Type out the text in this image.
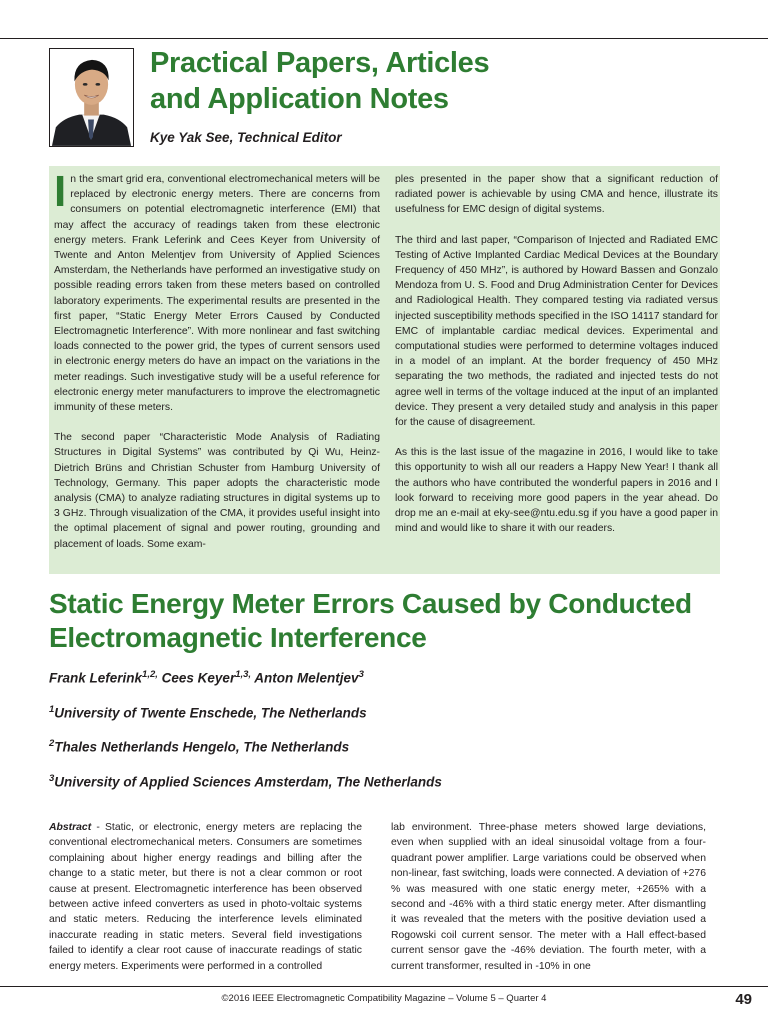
Practical Papers, Articles
and Application Notes
Kye Yak See, Technical Editor

In the smart grid era, conventional electromechanical meters will be replaced by electronic energy meters. There are concerns from consumers on potential electromagnetic interference (EMI) that may affect the accuracy of readings taken from these electronic energy meters. Frank Leferink and Cees Keyer from University of Twente and Anton Melentjev from University of Applied Sciences Amsterdam, the Netherlands have performed an investigative study on possible reading errors taken from these meters based on controlled laboratory experiments. The experimental results are presented in the first paper, “Static Energy Meter Errors Caused by Conducted Electromagnetic Interference”. With more nonlinear and fast switching loads connected to the power grid, the types of current sensors used in electronic energy meters do have an impact on the variations in the meter readings. Such investigative study will be a useful reference for electronic energy meter manufacturers to improve the electromagnetic immunity of these meters.

The second paper “Characteristic Mode Analysis of Radiating Structures in Digital Systems” was contributed by Qi Wu, Heinz-Dietrich Brüns and Christian Schuster from Hamburg University of Technology, Germany. This paper adopts the characteristic mode analysis (CMA) to analyze radiating structures in digital systems up to 3 GHz. Through visualization of the CMA, it provides useful insight into the optimal placement of signal and power routing, grounding and placement of loads. Some exam-

ples presented in the paper show that a significant reduction of radiated power is achievable by using CMA and hence, illustrate its usefulness for EMC design of digital systems.

The third and last paper, “Comparison of Injected and Radiated EMC Testing of Active Implanted Cardiac Medical Devices at the Boundary Frequency of 450 MHz”, is authored by Howard Bassen and Gonzalo Mendoza from U. S. Food and Drug Administration Center for Devices and Radiological Health. They compared testing via radiated versus injected susceptibility methods specified in the ISO 14117 standard for EMC of implantable cardiac medical devices. Experimental and computational studies were performed to determine voltages induced in a model of an implant. At the border frequency of 450 MHz separating the two methods, the radiated and injected tests do not agree well in terms of the voltage induced at the input of an implanted device. They present a very detailed study and analysis in this paper for the cause of disagreement.

As this is the last issue of the magazine in 2016, I would like to take this opportunity to wish all our readers a Happy New Year! I thank all the authors who have contributed the wonderful papers in 2016 and I look forward to receiving more good papers in the year ahead. Do drop me an e-mail at eky-see@ntu.edu.sg if you have a good paper in mind and would like to share it with our readers.

Static Energy Meter Errors Caused by Conducted
Electromagnetic Interference
Frank Leferink$^{1,2,}$ Cees Keyer$^{1,3,}$ Anton Melentjev$^3$
$^1$University of Twente Enschede, The Netherlands
$^2$Thales Netherlands Hengelo, The Netherlands
$^3$University of Applied Sciences Amsterdam, The Netherlands
Abstract - Static, or electronic, energy meters are replacing the conventional electromechanical meters. Consumers are sometimes complaining about higher energy readings and billing after the change to a static meter, but there is not a clear common or root cause at present. Electromagnetic interference has been observed between active infeed converters as used in photo-voltaic systems and static meters. Reducing the interference levels eliminated inaccurate reading in static meters. Several field investigations failed to identify a clear root cause of inaccurate readings of static energy meters. Experiments were performed in a controlled
lab environment. Three-phase meters showed large deviations, even when supplied with an ideal sinusoidal voltage from a four-quadrant power amplifier. Large variations could be observed when non-linear, fast switching, loads were connected. A deviation of +276 % was measured with one static energy meter, +265% with a second and -46% with a third static energy meter. After dismantling it was revealed that the meters with the positive deviation used a Rogowski coil current sensor. The meter with a Hall effect-based current sensor gave the -46% deviation. The fourth meter, with a current transformer, resulted in -10% in one
©2016 IEEE Electromagnetic Compatibility Magazine – Volume 5 – Quarter 4	49
